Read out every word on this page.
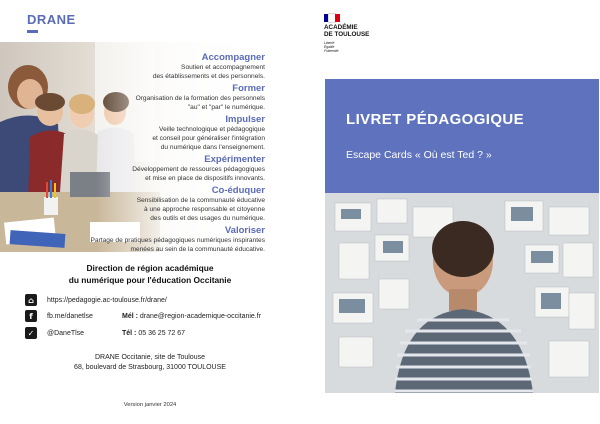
DRANE
Accompagner
Soutien et accompagnement
des établissements et des personnels.
Former
Organisation de la formation des personnels
"au" et "par" le numérique.
Impulser
Veille technologique et pédagogique
et conseil pour généraliser l'intégration
du numérique dans l'enseignement.
Expérimenter
Développement de ressources pédagogiques
et mise en place de dispositifs innovants.
Co-éduquer
Sensibilisation de la communauté éducative
à une approche responsable et citoyenne
des outils et des usages du numérique.
Valoriser
Partage de pratiques pédagogiques numériques inspirantes
menées au sein de la communauté éducative.
Direction de région académique
du numérique pour l'éducation Occitanie
⌂	https://pedagogie.ac-toulouse.fr/drane/
f	fb.me/danetlse	Mél : drane@region-academique-occitanie.fr
✓	@DaneTlse	Tél : 05 36 25 72 67
DRANE Occitanie, site de Toulouse
68, boulevard de Strasbourg, 31000 TOULOUSE
Version janvier 2024
ACADÉMIE
DE TOULOUSE
Liberté
Égalité
Fraternité
LIVRET PÉDAGOGIQUE
Escape Cards « Où est Ted ? »
